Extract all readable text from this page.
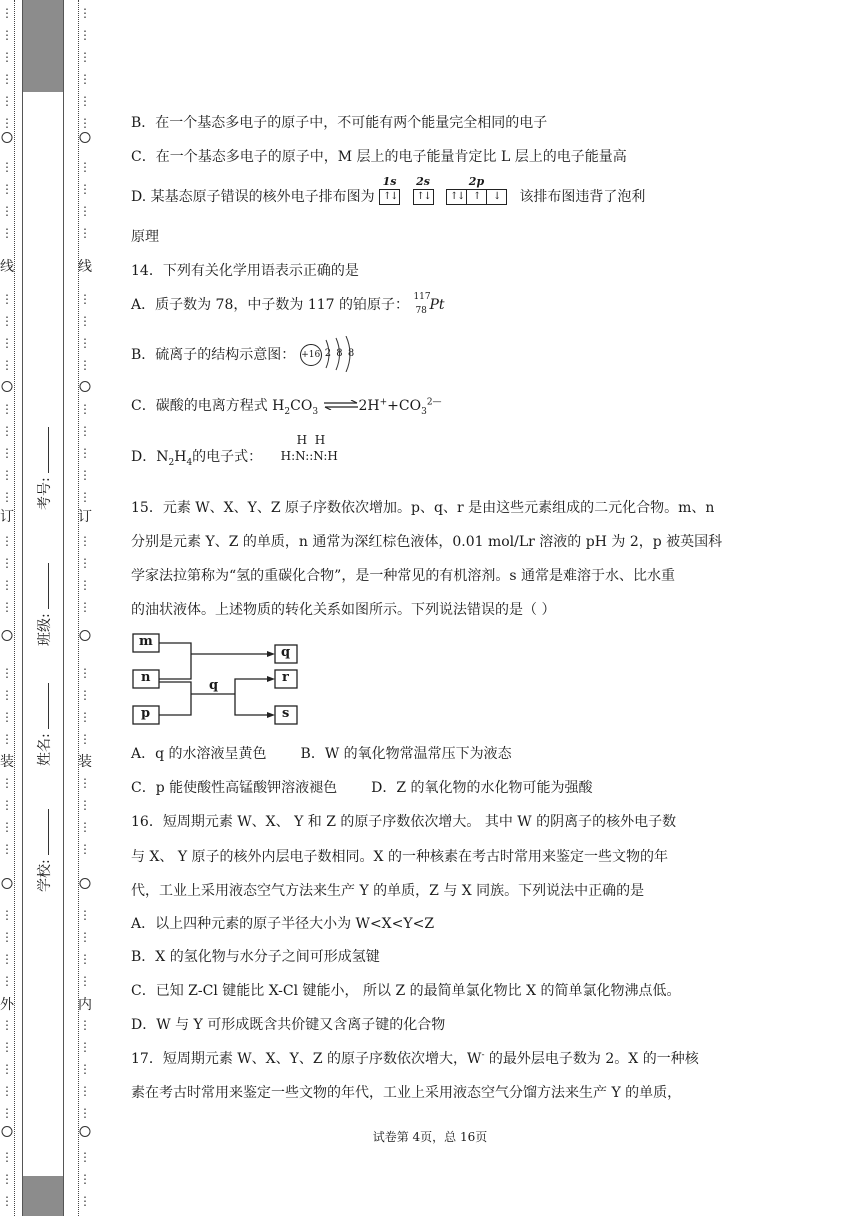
线
订
装
外
线
订
装
内
学校:
姓名:
班级:
考号:
⋮
⋮
⋮
⋮
⋮
⋮
⋮
⋮
⋮
⋮
⋮
⋮
⋮
⋮
⋮
⋮
⋮
⋮
⋮
⋮
⋮
⋮
⋮
⋮
⋮
⋮
⋮
⋮
⋮
⋮
⋮
⋮
⋮
⋮
⋮
⋮
⋮
⋮
⋮
⋮
⋮
⋮
⋮
⋮
⋮
⋮
⋮
⋮
⋮
⋮
⋮
⋮
⋮
⋮
⋮
⋮
⋮
⋮
⋮
⋮
⋮
⋮
⋮
⋮
⋮
⋮
⋮
⋮
⋮
⋮
⋮
⋮
⋮
⋮
⋮
⋮
⋮
⋮
⋮
⋮
⋮
⋮
⋮
⋮
⋮
⋮
B．在一个基态多电子的原子中，不可能有两个能量完全相同的电子
C．在一个基态多电子的原子中，M 层上的电子能量肯定比 L 层上的电子能量高
D. 某基态原子错误的核外电子排布图为
1s
↑
↓

2s
↑
↓

2p
↑
↓ ↑ ↓ 该排布图违背了泡利
原理
14．下列有关化学用语表示正确的是
A．质子数为 78，中子数为 117 的铂原子： 117
78 Pt
B．硫离子的结构示意图： +16 2 8 8
C．碳酸的电离方程式 $H_2CO_3$ $\rightleftharpoons 2H^++CO_3^{2—}$
D．$N_2H_4$的电子式：
H  H
H:N::N:H
15．元素 W、X、Y、Z 原子序数依次增加。p、q、r 是由这些元素组成的二元化合物。m、n
分别是元素 Y、Z 的单质，n 通常为深红棕色液体，0.01 mol/Lr 溶液的 pH 为 2，p 被英国科
学家法拉第称为“氢的重碳化合物”，是一种常见的有机溶剂。s 通常是难溶于水、比水重
的油状液体。上述物质的转化关系如图所示。下列说法错误的是（ ）
m
n
p
q
q
r
s
A．q 的水溶液呈黄色 B．W 的氧化物常温常压下为液态
C．p 能使酸性高锰酸钾溶液褪色 D．Z 的氧化物的水化物可能为强酸
16．短周期元素 W、X、 Y 和 Z 的原子序数依次增大。 其中 W 的阴离子的核外电子数
与 X、 Y 原子的核外内层电子数相同。X 的一种核素在考古时常用来鉴定一些文物的年
代，工业上采用液态空气方法来生产 Y 的单质，Z 与 X 同族。下列说法中正确的是
A．以上四种元素的原子半径大小为 W<X<Y<Z
B．X 的氢化物与水分子之间可形成氢键
C．已知 Z-Cl 键能比 X-Cl 键能小， 所以 Z 的最简单氯化物比 X 的简单氯化物沸点低。
D．W 与 Y 可形成既含共价键又含离子键的化合物
17．短周期元素 W、X、Y、Z 的原子序数依次增大，W- 的最外层电子数为 2。X 的一种核
素在考古时常用来鉴定一些文物的年代，工业上采用液态空气分馏方法来生产 Y 的单质，
试卷第 4页，总 16页
